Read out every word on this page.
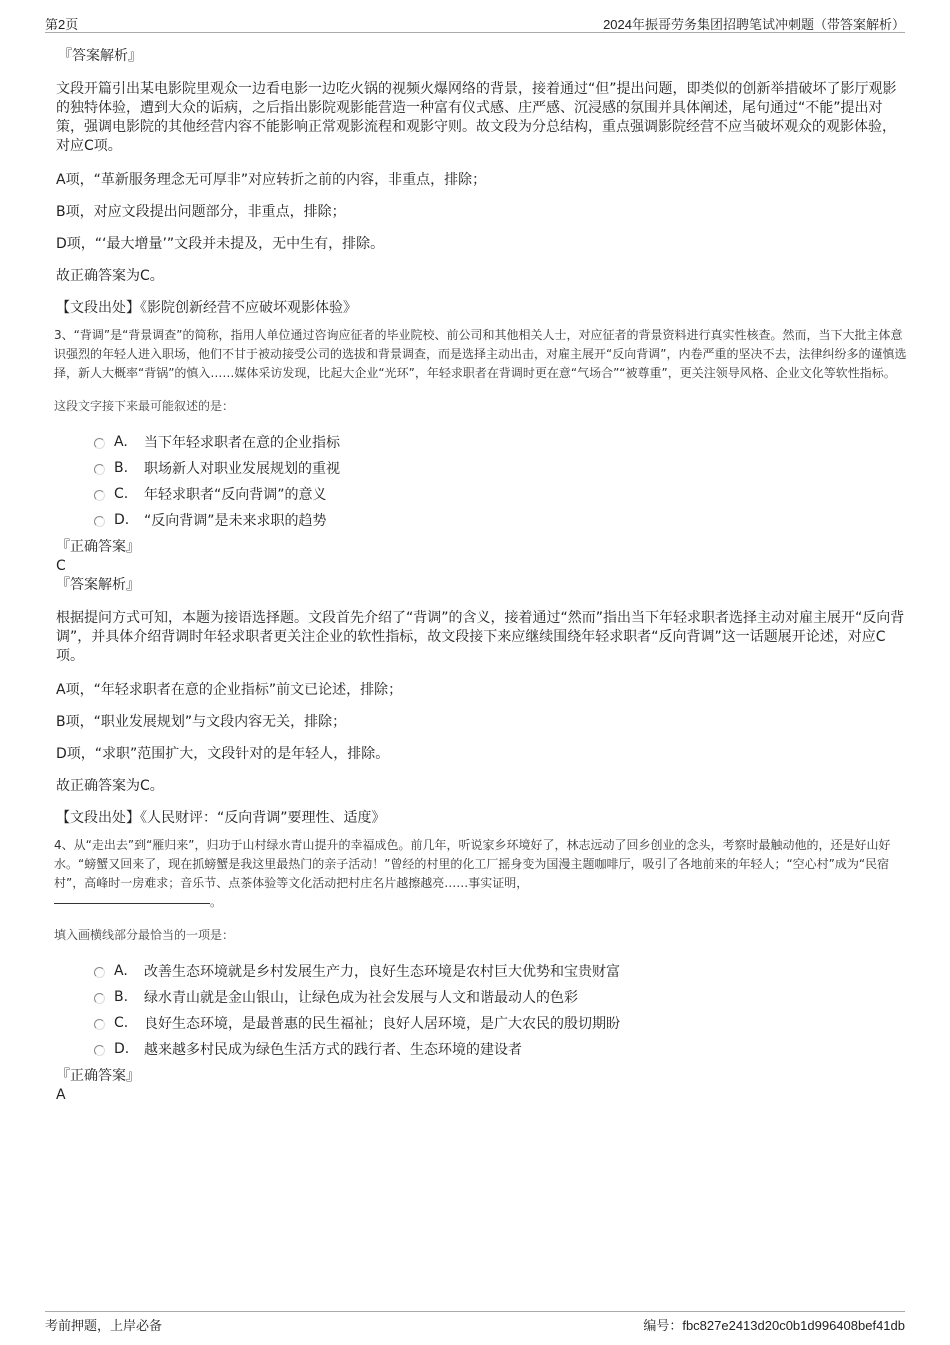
第2页	2024年振哥劳务集团招聘笔试冲刺题（带答案解析）
『答案解析』

文段开篇引出某电影院里观众一边看电影一边吃火锅的视频火爆网络的背景，接着通过“但”提出问题，即类似的创新举措破坏了影厅观影的独特体验，遭到大众的诟病，之后指出影院观影能营造一种富有仪式感、庄严感、沉浸感的氛围并具体阐述，尾句通过“不能”提出对策，强调电影院的其他经营内容不能影响正常观影流程和观影守则。故文段为分总结构，重点强调影院经营不应当破坏观众的观影体验，对应C项。

A项，“革新服务理念无可厚非”对应转折之前的内容，非重点，排除；

B项，对应文段提出问题部分，非重点，排除；

D项，“‘最大增量’”文段并未提及，无中生有，排除。

故正确答案为C。

【文段出处】《影院创新经营不应破坏观影体验》

3、“背调”是“背景调查”的简称，指用人单位通过咨询应征者的毕业院校、前公司和其他相关人士，对应征者的背景资料进行真实性核查。然而，当下大批主体意识强烈的年轻人进入职场，他们不甘于被动接受公司的选拔和背景调查，而是选择主动出击，对雇主展开“反向背调”，内卷严重的坚决不去，法律纠纷多的谨慎选择，新人大概率“背锅”的慎入……媒体采访发现，比起大企业“光环”，年轻求职者在背调时更在意“气场合”“被尊重”，更关注领导风格、企业文化等软性指标。

这段文字接下来最可能叙述的是：

A.	当下年轻求职者在意的企业指标
B.	职场新人对职业发展规划的重视
C.	年轻求职者“反向背调”的意义
D.	“反向背调”是未来求职的趋势
『正确答案』
C
『答案解析』

根据提问方式可知，本题为接语选择题。文段首先介绍了“背调”的含义，接着通过“然而”指出当下年轻求职者选择主动对雇主展开“反向背调”，并具体介绍背调时年轻求职者更关注企业的软性指标，故文段接下来应继续围绕年轻求职者“反向背调”这一话题展开论述，对应C项。

A项，“年轻求职者在意的企业指标”前文已论述，排除；

B项，“职业发展规划”与文段内容无关，排除；

D项，“求职”范围扩大，文段针对的是年轻人，排除。

故正确答案为C。

【文段出处】《人民财评：“反向背调”要理性、适度》

4、从“走出去”到“雁归来”，归功于山村绿水青山提升的幸福成色。前几年，听说家乡环境好了，林志远动了回乡创业的念头，考察时最触动他的，还是好山好水。“螃蟹又回来了，现在抓螃蟹是我这里最热门的亲子活动！”曾经的村里的化工厂摇身变为国漫主题咖啡厅，吸引了各地前来的年轻人；“空心村”成为“民宿村”，高峰时一房难求；音乐节、点茶体验等文化活动把村庄名片越擦越亮……事实证明，
。

填入画横线部分最恰当的一项是：

A.	改善生态环境就是乡村发展生产力，良好生态环境是农村巨大优势和宝贵财富
B.	绿水青山就是金山银山，让绿色成为社会发展与人文和谐最动人的色彩
C.	良好生态环境，是最普惠的民生福祉；良好人居环境，是广大农民的殷切期盼
D.	越来越多村民成为绿色生活方式的践行者、生态环境的建设者
『正确答案』
A
考前押题，上岸必备	编号：fbc827e2413d20c0b1d996408bef41db
